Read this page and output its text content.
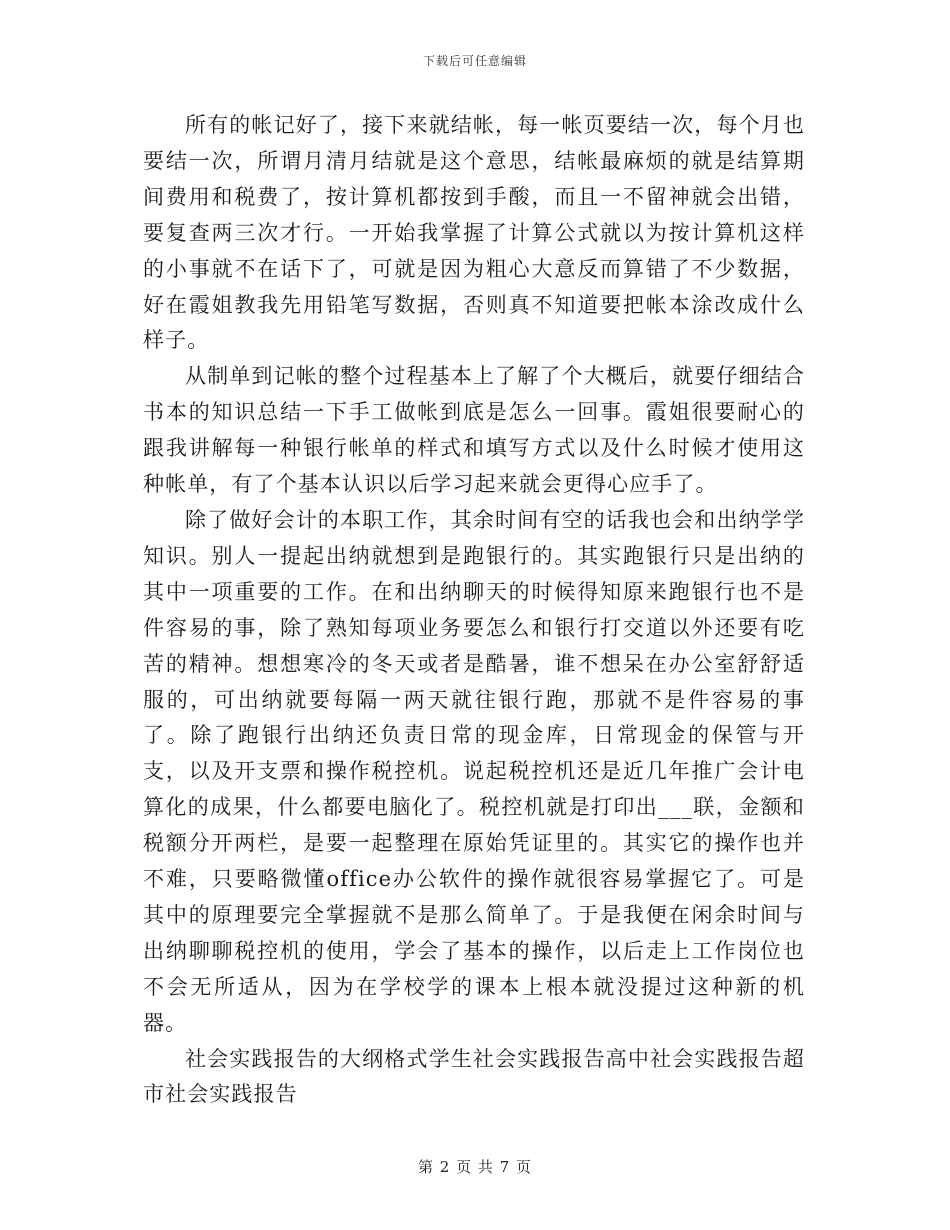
下载后可任意编辑

所有的帐记好了，接下来就结帐，每一帐页要结一次，每个月也要结一次，所谓月清月结就是这个意思，结帐最麻烦的就是结算期间费用和税费了，按计算机都按到手酸，而且一不留神就会出错，要复查两三次才行。一开始我掌握了计算公式就以为按计算机这样的小事就不在话下了，可就是因为粗心大意反而算错了不少数据，好在霞姐教我先用铅笔写数据，否则真不知道要把帐本涂改成什么样子。

从制单到记帐的整个过程基本上了解了个大概后，就要仔细结合书本的知识总结一下手工做帐到底是怎么一回事。霞姐很要耐心的跟我讲解每一种银行帐单的样式和填写方式以及什么时候才使用这种帐单，有了个基本认识以后学习起来就会更得心应手了。

除了做好会计的本职工作，其余时间有空的话我也会和出纳学学知识。别人一提起出纳就想到是跑银行的。其实跑银行只是出纳的其中一项重要的工作。在和出纳聊天的时候得知原来跑银行也不是件容易的事，除了熟知每项业务要怎么和银行打交道以外还要有吃苦的精神。想想寒冷的冬天或者是酷暑，谁不想呆在办公室舒舒适服的，可出纳就要每隔一两天就往银行跑，那就不是件容易的事了。除了跑银行出纳还负责日常的现金库，日常现金的保管与开支，以及开支票和操作税控机。说起税控机还是近几年推广会计电算化的成果，什么都要电脑化了。税控机就是打印出___联，金额和税额分开两栏，是要一起整理在原始凭证里的。其实它的操作也并不难，只要略微懂office办公软件的操作就很容易掌握它了。可是其中的原理要完全掌握就不是那么简单了。于是我便在闲余时间与出纳聊聊税控机的使用，学会了基本的操作，以后走上工作岗位也不会无所适从，因为在学校学的课本上根本就没提过这种新的机器。

社会实践报告的大纲格式学生社会实践报告高中社会实践报告超市社会实践报告

第 2 页 共 7 页
